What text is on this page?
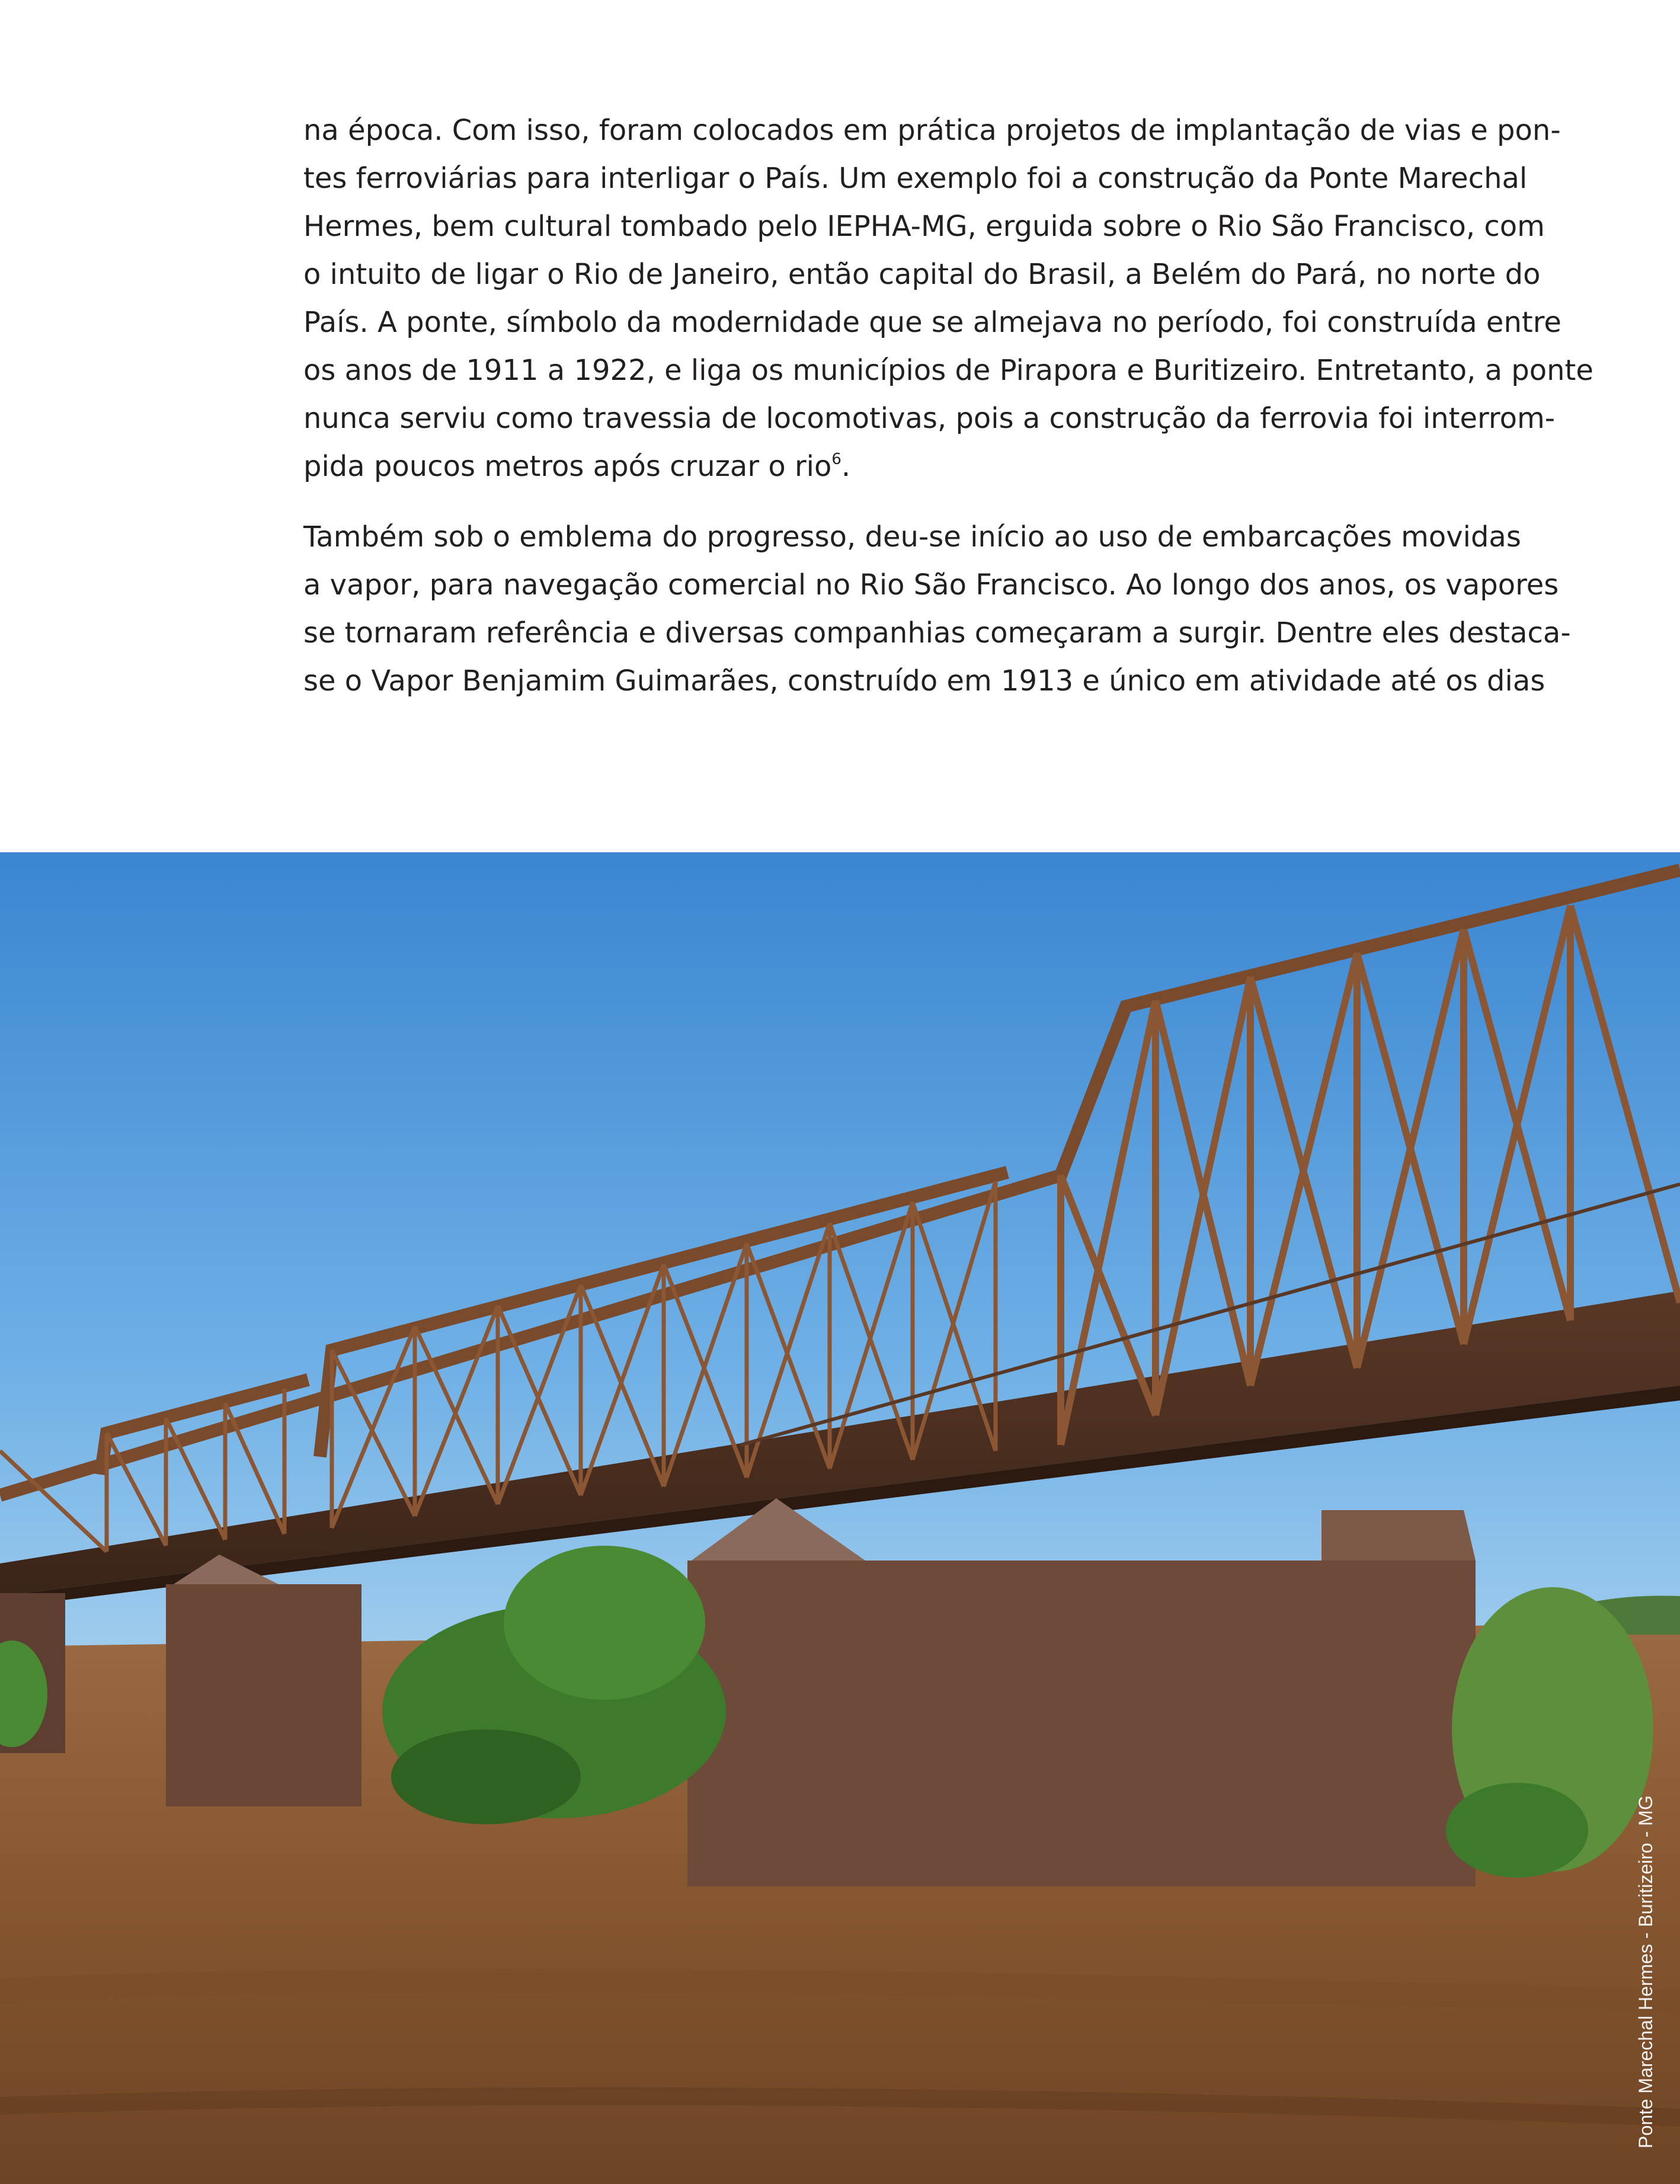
na época. Com isso, foram colocados em prática projetos de implantação de vias e pon-
tes ferroviárias para interligar o País. Um exemplo foi a construção da Ponte Marechal
Hermes, bem cultural tombado pelo IEPHA-MG, erguida sobre o Rio São Francisco, com
o intuito de ligar o Rio de Janeiro, então capital do Brasil, a Belém do Pará, no norte do
País. A ponte, símbolo da modernidade que se almejava no período, foi construída entre
os anos de 1911 a 1922, e liga os municípios de Pirapora e Buritizeiro. Entretanto, a ponte
nunca serviu como travessia de locomotivas, pois a construção da ferrovia foi interrom-
pida poucos metros após cruzar o rio$^6$.

Também sob o emblema do progresso, deu-se início ao uso de embarcações movidas
a vapor, para navegação comercial no Rio São Francisco. Ao longo dos anos, os vapores
se tornaram referência e diversas companhias começaram a surgir. Dentre eles destaca-
se o Vapor Benjamim Guimarães, construído em 1913 e único em atividade até os dias

Ponte Marechal Hermes - Buritizeiro - MG
